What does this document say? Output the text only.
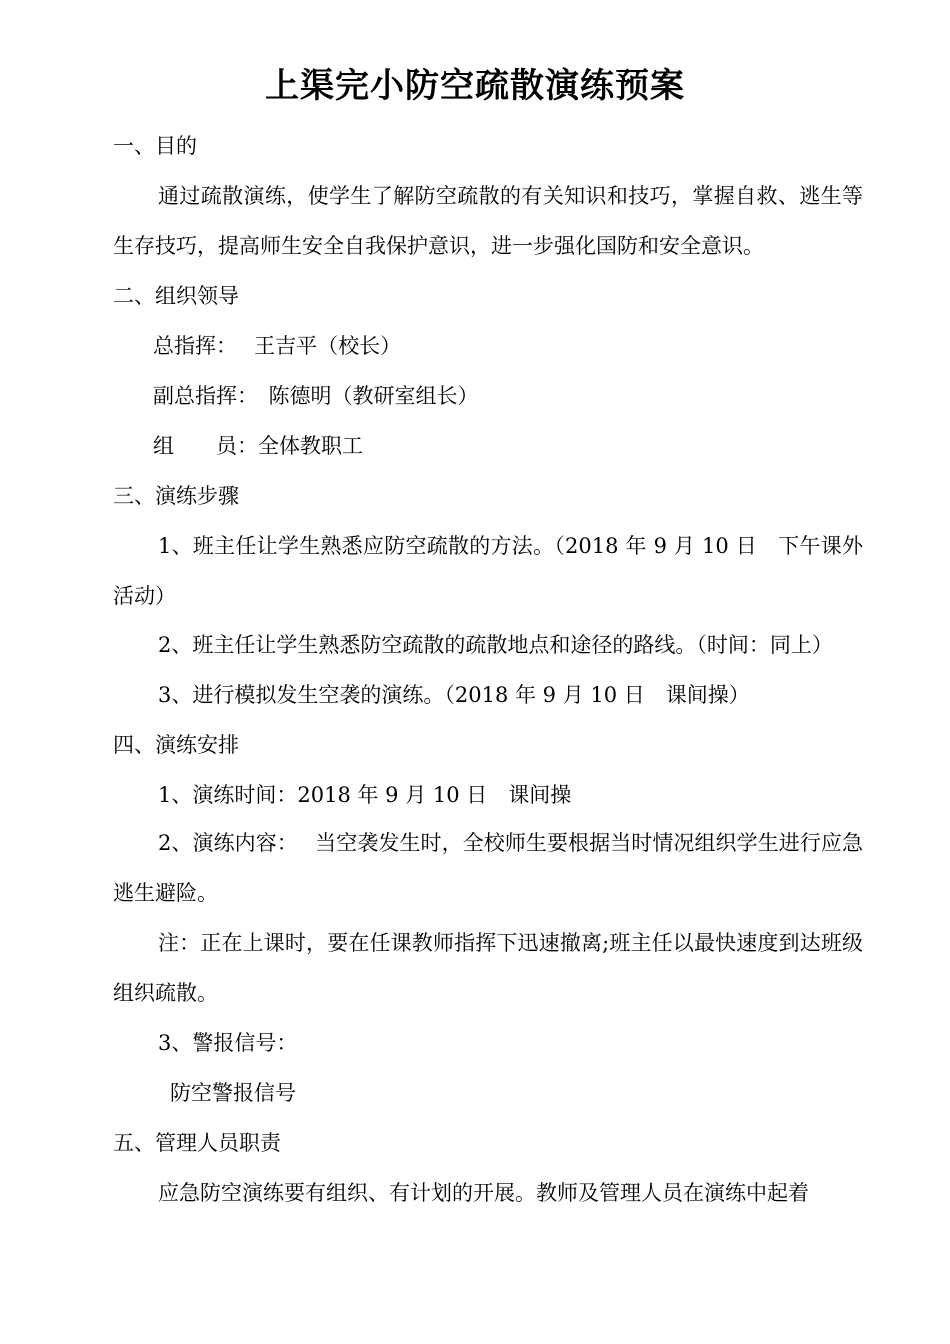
上渠完小防空疏散演练预案
一、目的
通过疏散演练，使学生了解防空疏散的有关知识和技巧，掌握自救、逃生等生存技巧，提高师生安全自我保护意识，进一步强化国防和安全意识。
二、组织领导
总指挥：　 王吉平（校长）
副总指挥：　陈德明（教研室组长）
组　　员：全体教职工
三、演练步骤
1、班主任让学生熟悉应防空疏散的方法。（2018 年 9 月 10 日　下午课外活动）
2、班主任让学生熟悉防空疏散的疏散地点和途径的路线。（时间：同上）
3、进行模拟发生空袭的演练。（2018 年 9 月 10 日　课间操）
四、演练安排
1、演练时间：2018 年 9 月 10 日　课间操
2、演练内容：　 当空袭发生时，全校师生要根据当时情况组织学生进行应急逃生避险。
注：正在上课时，要在任课教师指挥下迅速撤离;班主任以最快速度到达班级组织疏散。
3、警报信号：
防空警报信号
五、管理人员职责
应急防空演练要有组织、有计划的开展。教师及管理人员在演练中起着
